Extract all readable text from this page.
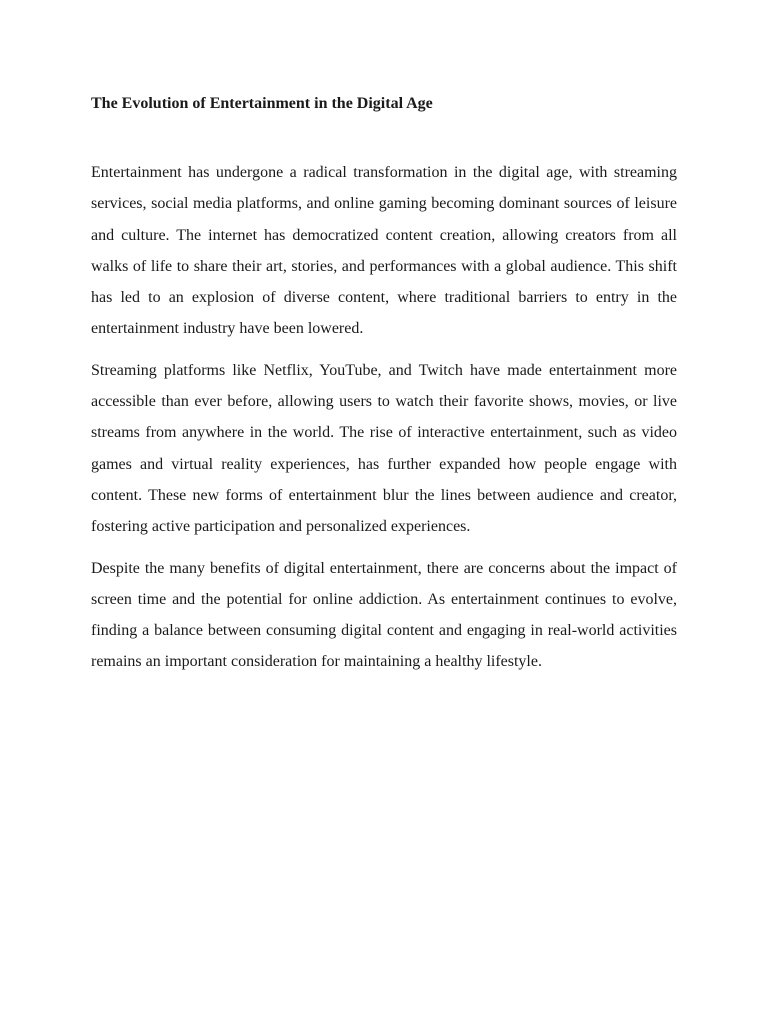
The Evolution of Entertainment in the Digital Age

Entertainment has undergone a radical transformation in the digital age, with streaming services, social media platforms, and online gaming becoming dominant sources of leisure and culture. The internet has democratized content creation, allowing creators from all walks of life to share their art, stories, and performances with a global audience. This shift has led to an explosion of diverse content, where traditional barriers to entry in the entertainment industry have been lowered.

Streaming platforms like Netflix, YouTube, and Twitch have made entertainment more accessible than ever before, allowing users to watch their favorite shows, movies, or live streams from anywhere in the world. The rise of interactive entertainment, such as video games and virtual reality experiences, has further expanded how people engage with content. These new forms of entertainment blur the lines between audience and creator, fostering active participation and personalized experiences.

Despite the many benefits of digital entertainment, there are concerns about the impact of screen time and the potential for online addiction. As entertainment continues to evolve, finding a balance between consuming digital content and engaging in real-world activities remains an important consideration for maintaining a healthy lifestyle.
